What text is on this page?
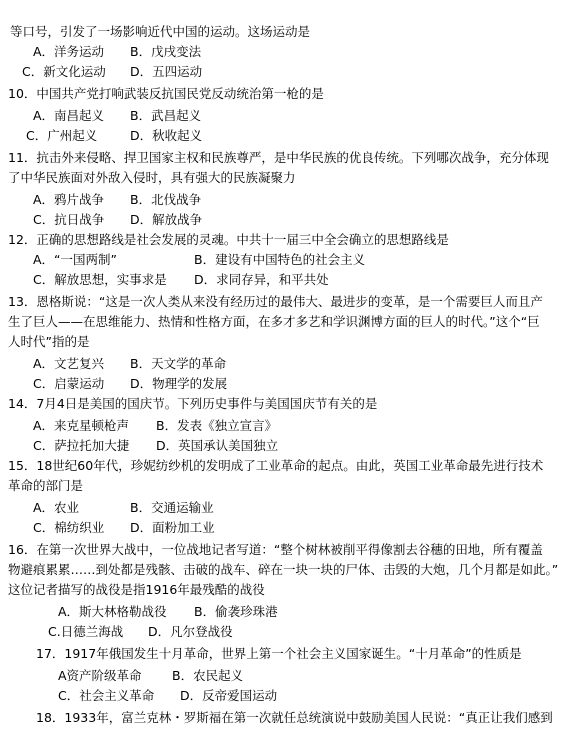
等口号，引发了一场影响近代中国的运动。这场运动是
A．洋务运动 B．戊戌变法
C．新文化运动 D．五四运动
10．中国共产党打响武装反抗国民党反动统治第一枪的是
A．南昌起义 B．武昌起义
C．广州起义	D．秋收起义
11．抗击外来侵略、捍卫国家主权和民族尊严，是中华民族的优良传统。下列哪次战争，充分体现
了中华民族面对外敌入侵时，具有强大的民族凝聚力
A．鸦片战争 B．北伐战争
C．抗日战争 D．解放战争
12．正确的思想路线是社会发展的灵魂。中共十一届三中全会确立的思想路线是
A．“一国两制”	B．建设有中国特色的社会主义
C．解放思想，实事求是 D．求同存异，和平共处
13．恩格斯说：“这是一次人类从来没有经历过的最伟大、最进步的变革，是一个需要巨人而且产
生了巨人——在思维能力、热情和性格方面，在多才多艺和学识渊博方面的巨人的时代。”这个“巨
人时代”指的是
A．文艺复兴 B．天文学的革命
C．启蒙运动 D．物理学的发展
14．7月4日是美国的国庆节。下列历史事件与美国国庆节有关的是
A．来克星顿枪声 B．发表《独立宣言》
C．萨拉托加大捷 D．英国承认美国独立
15．18世纪60年代，珍妮纺纱机的发明成了工业革命的起点。由此，英国工业革命最先进行技术
革命的部门是
A．农业	B．交通运输业
C．棉纺织业 D．面粉加工业
16．在第一次世界大战中，一位战地记者写道：“整个树林被削平得像割去谷穗的田地，所有覆盖
物避痕累累……到处都是残骸、击破的战车、碎在一块一块的尸体、击毁的大炮，几个月都是如此。”
这位记者描写的战役是指1916年最残酷的战役
A．斯大林格勒战役 B．偷袭珍珠港
C.日德兰海战 D．凡尔登战役
17．1917年俄国发生十月革命，世界上第一个社会主义国家诞生。“十月革命”的性质是
A资产阶级革命 B．农民起义
C．社会主义革命 D．反帝爱国运动
18．1933年，富兰克林・罗斯福在第一次就任总统演说中鼓励美国人民说：“真正让我们感到
